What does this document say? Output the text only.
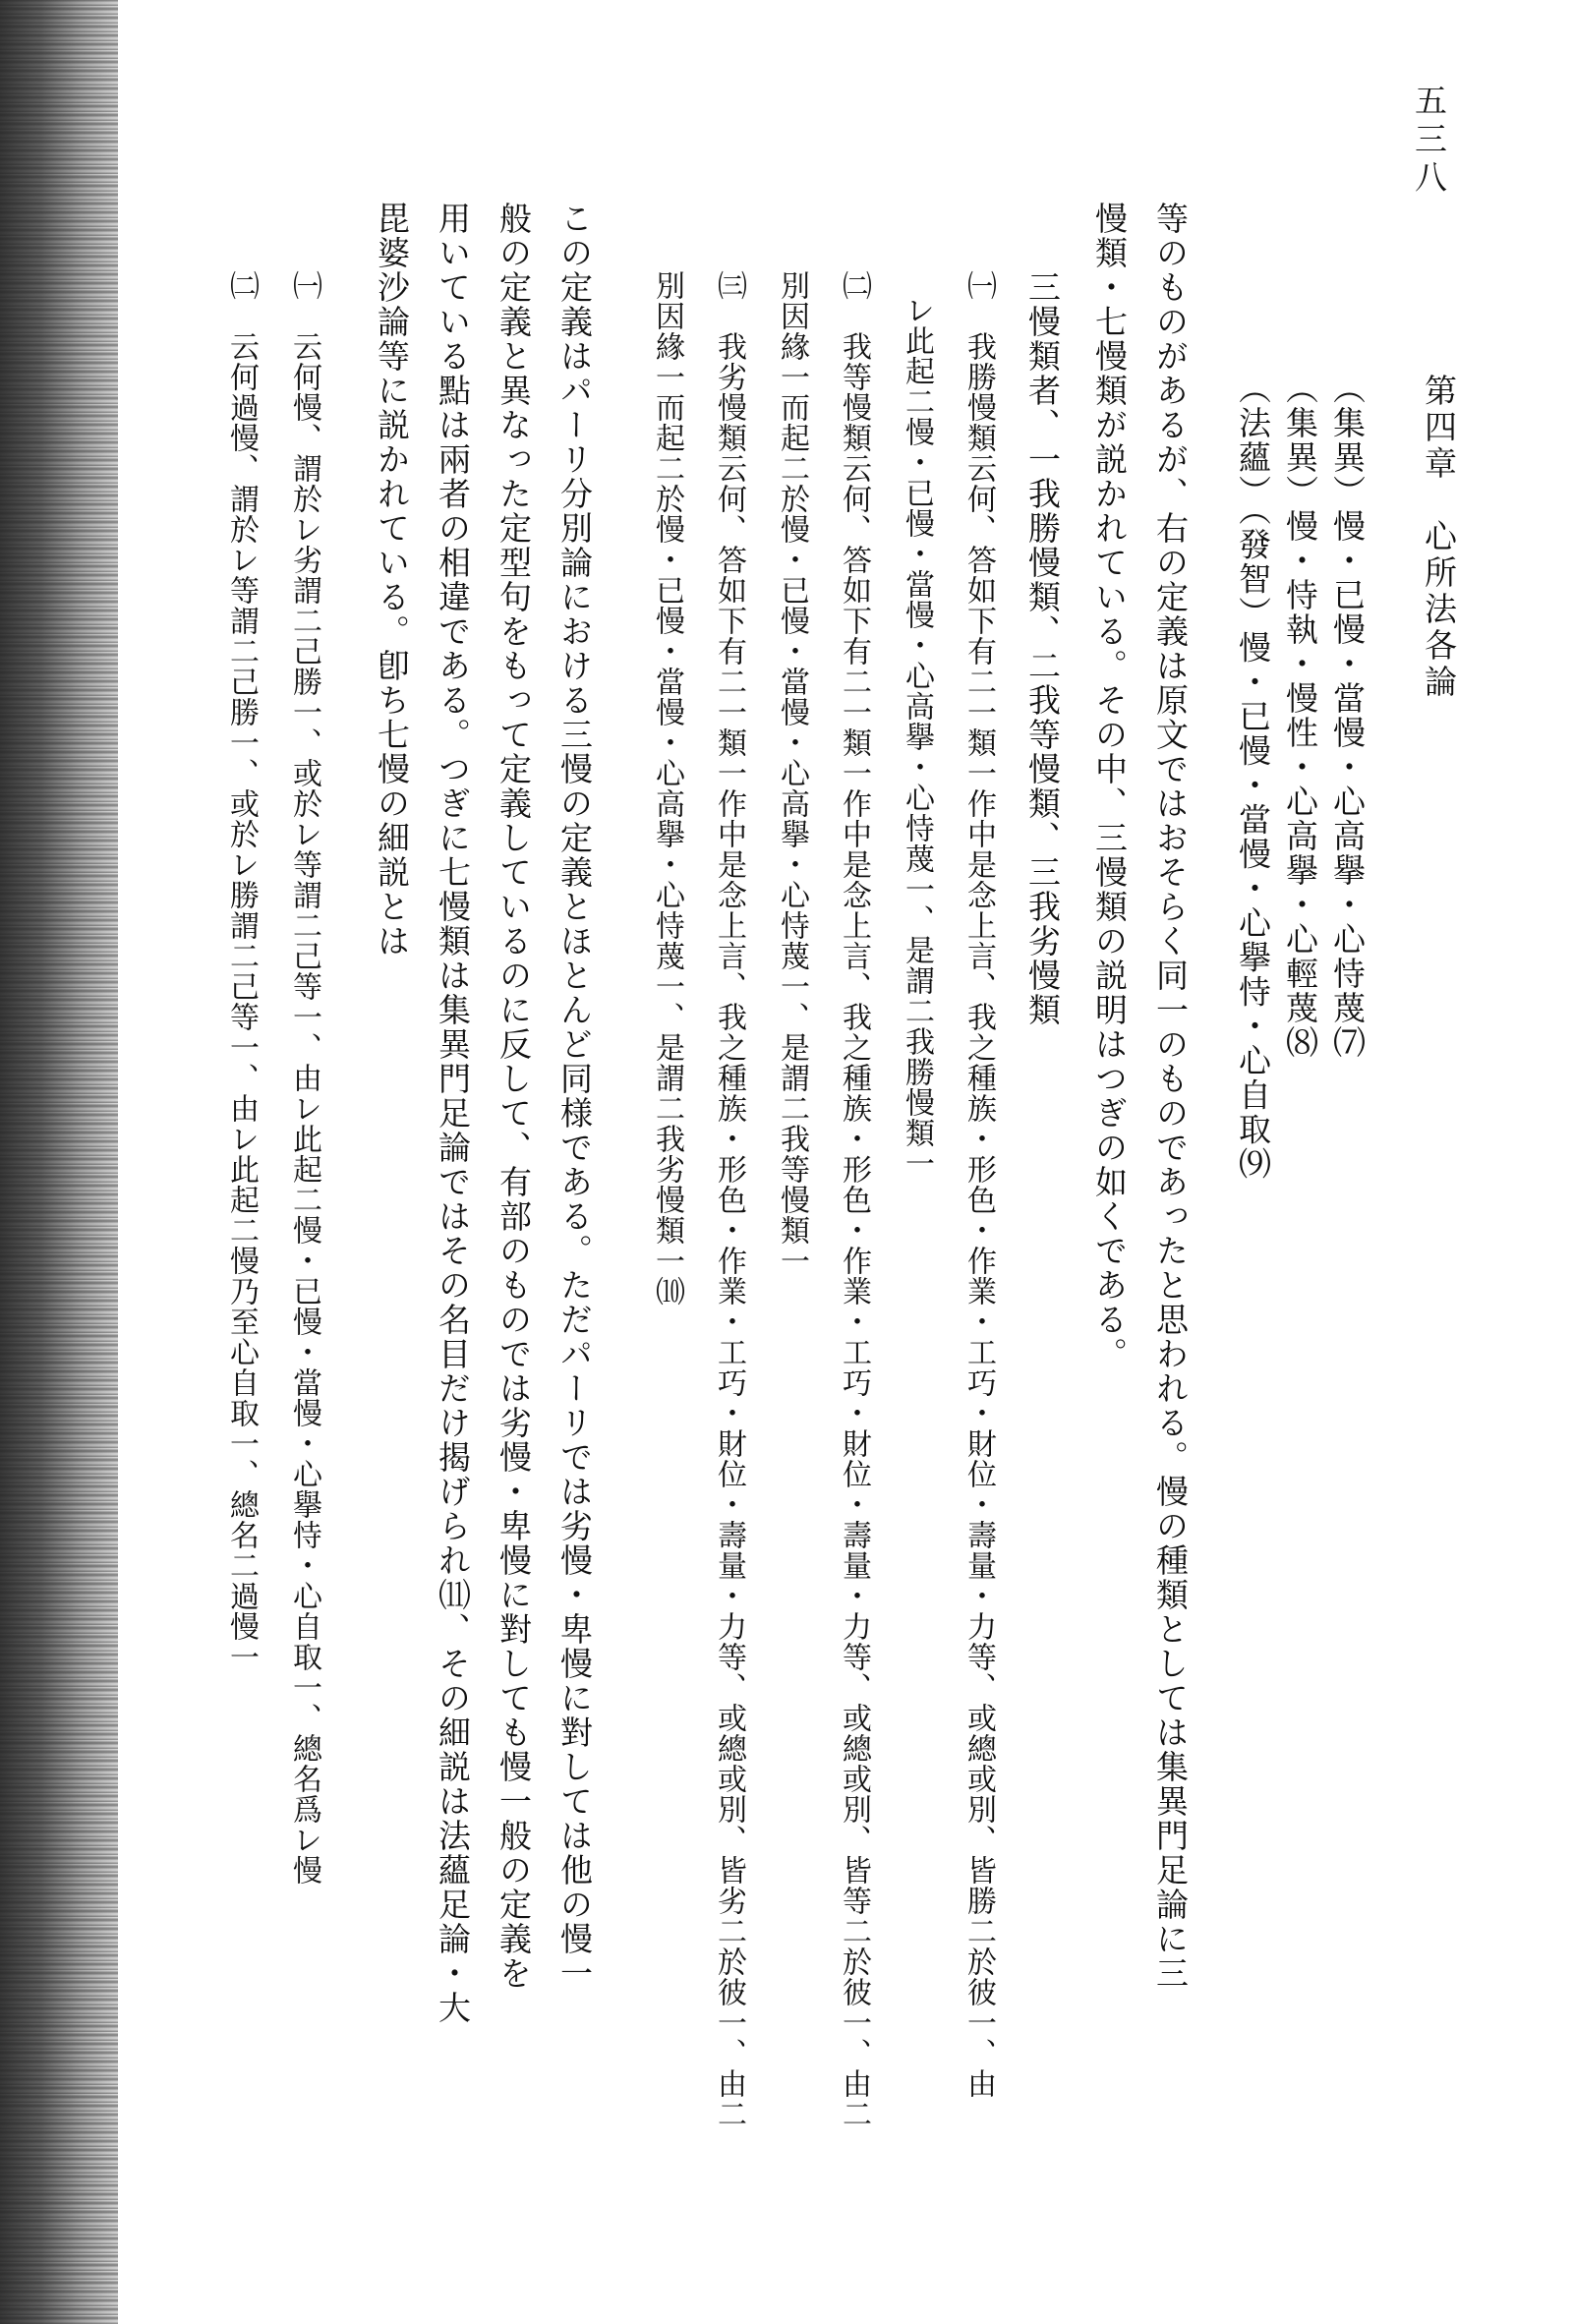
五三八
第四章　心所法各論
（法蘊）（發智）慢・已慢・當慢・心擧恃・心自取⑼ （集異）慢・恃執・慢性・心高擧・心輕蔑⑻ （集異）慢・已慢・當慢・心高擧・心恃蔑⑺
等のものがあるが、右の定義は原文ではおそらく同一のものであったと思われる。慢の種類としては集異門足論に三
慢類・七慢類が説かれている。その中、三慢類の説明はつぎの如くである。
三慢類者、一我勝慢類、二我等慢類、三我劣慢類
㈠　我勝慢類云何、答如下有二一類一作中是念上言、我之種族・形色・作業・工巧・財位・壽量・力等、或總或別、皆勝二於彼一、由
レ此起二慢・已慢・當慢・心高擧・心恃蔑一、是謂二我勝慢類一
㈡　我等慢類云何、答如下有二一類一作中是念上言、我之種族・形色・作業・工巧・財位・壽量・力等、或總或別、皆等二於彼一、由二
別因緣一而起二於慢・已慢・當慢・心高擧・心恃蔑一、是謂二我等慢類一
㈢　我劣慢類云何、答如下有二一類一作中是念上言、我之種族・形色・作業・工巧・財位・壽量・力等、或總或別、皆劣二於彼一、由二
別因緣一而起二於慢・已慢・當慢・心高擧・心恃蔑一、是謂二我劣慢類一⑽
この定義はパーリ分別論における三慢の定義とほとんど同様である。ただパーリでは劣慢・卑慢に對しては他の慢一
般の定義と異なった定型句をもって定義しているのに反して、有部のものでは劣慢・卑慢に對しても慢一般の定義を
用いている點は兩者の相違である。つぎに七慢類は集異門足論ではその名目だけ揭げられ⑾、その細説は法蘊足論・大
毘婆沙論等に説かれている。卽ち七慢の細説とは
㈠　云何慢、謂於レ劣謂二己勝一、或於レ等謂二己等一、由レ此起二慢・已慢・當慢・心擧恃・心自取一、總名爲レ慢
㈡　云何過慢、謂於レ等謂二己勝一、或於レ勝謂二己等一、由レ此起二慢乃至心自取一、總名二過慢一
